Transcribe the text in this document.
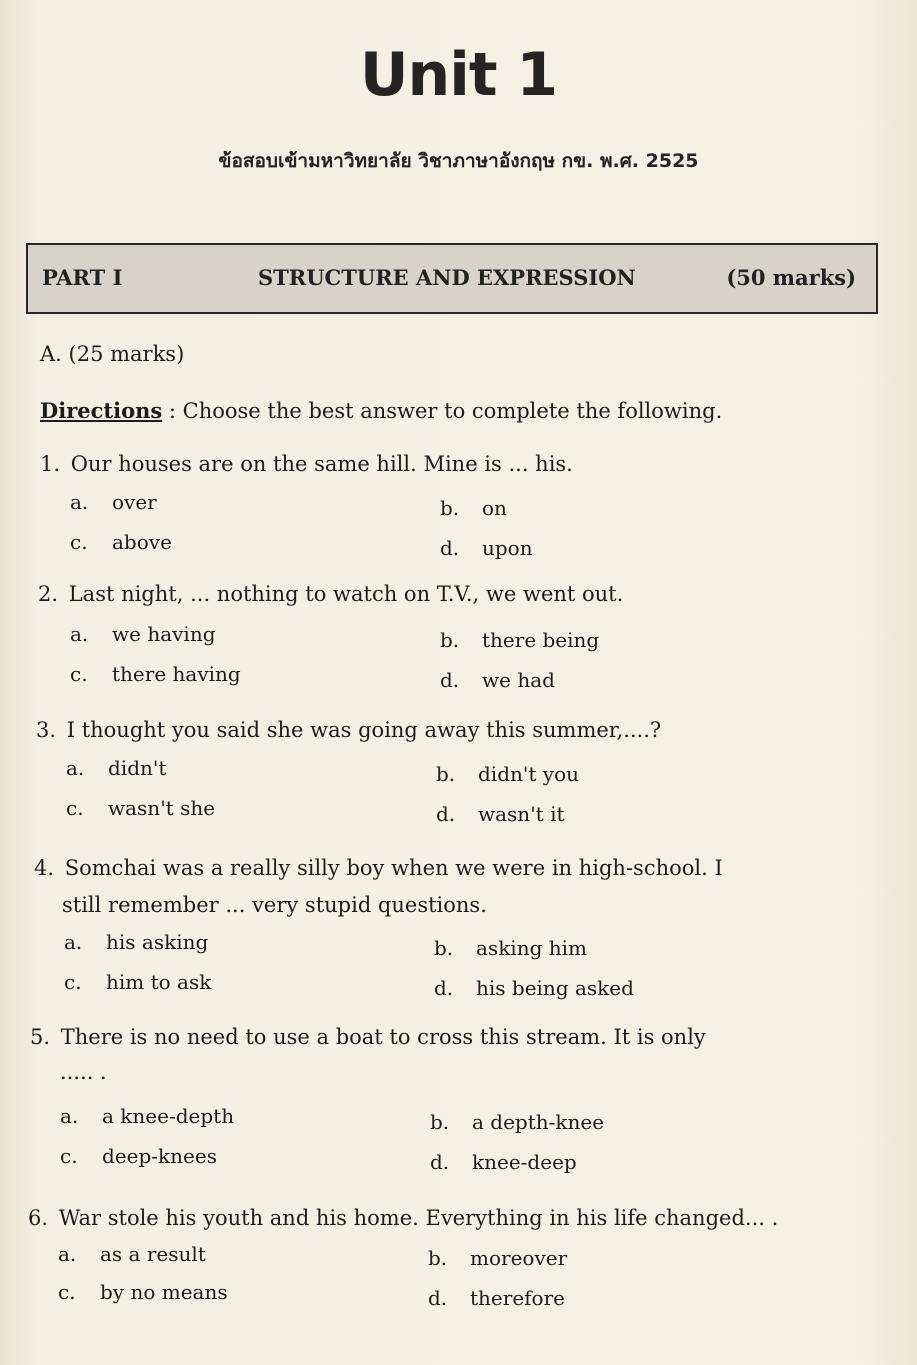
Unit 1
ข้อสอบเข้ามหาวิทยาลัย วิชาภาษาอังกฤษ กข. พ.ศ. 2525
PART I	STRUCTURE AND EXPRESSION	(50 marks)
A. (25 marks)
Directions : Choose the best answer to complete the following.
1. Our houses are on the same hill. Mine is ... his.
a. over	b. on
c. above	d. upon
2. Last night, ... nothing to watch on T.V., we went out.
a. we having	b. there being
c. there having	d. we had
3. I thought you said she was going away this summer,....?
a. didn't	b. didn't you
c. wasn't she	d. wasn't it
4. Somchai was a really silly boy when we were in high-school. I
still remember ... very stupid questions.
a. his asking	b. asking him
c. him to ask	d. his being asked
5. There is no need to use a boat to cross this stream. It is only
..... .
a. a knee-depth	b. a depth-knee
c. deep-knees	d. knee-deep
6. War stole his youth and his home. Everything in his life changed... .
a. as a result	b. moreover
c. by no means	d. therefore
